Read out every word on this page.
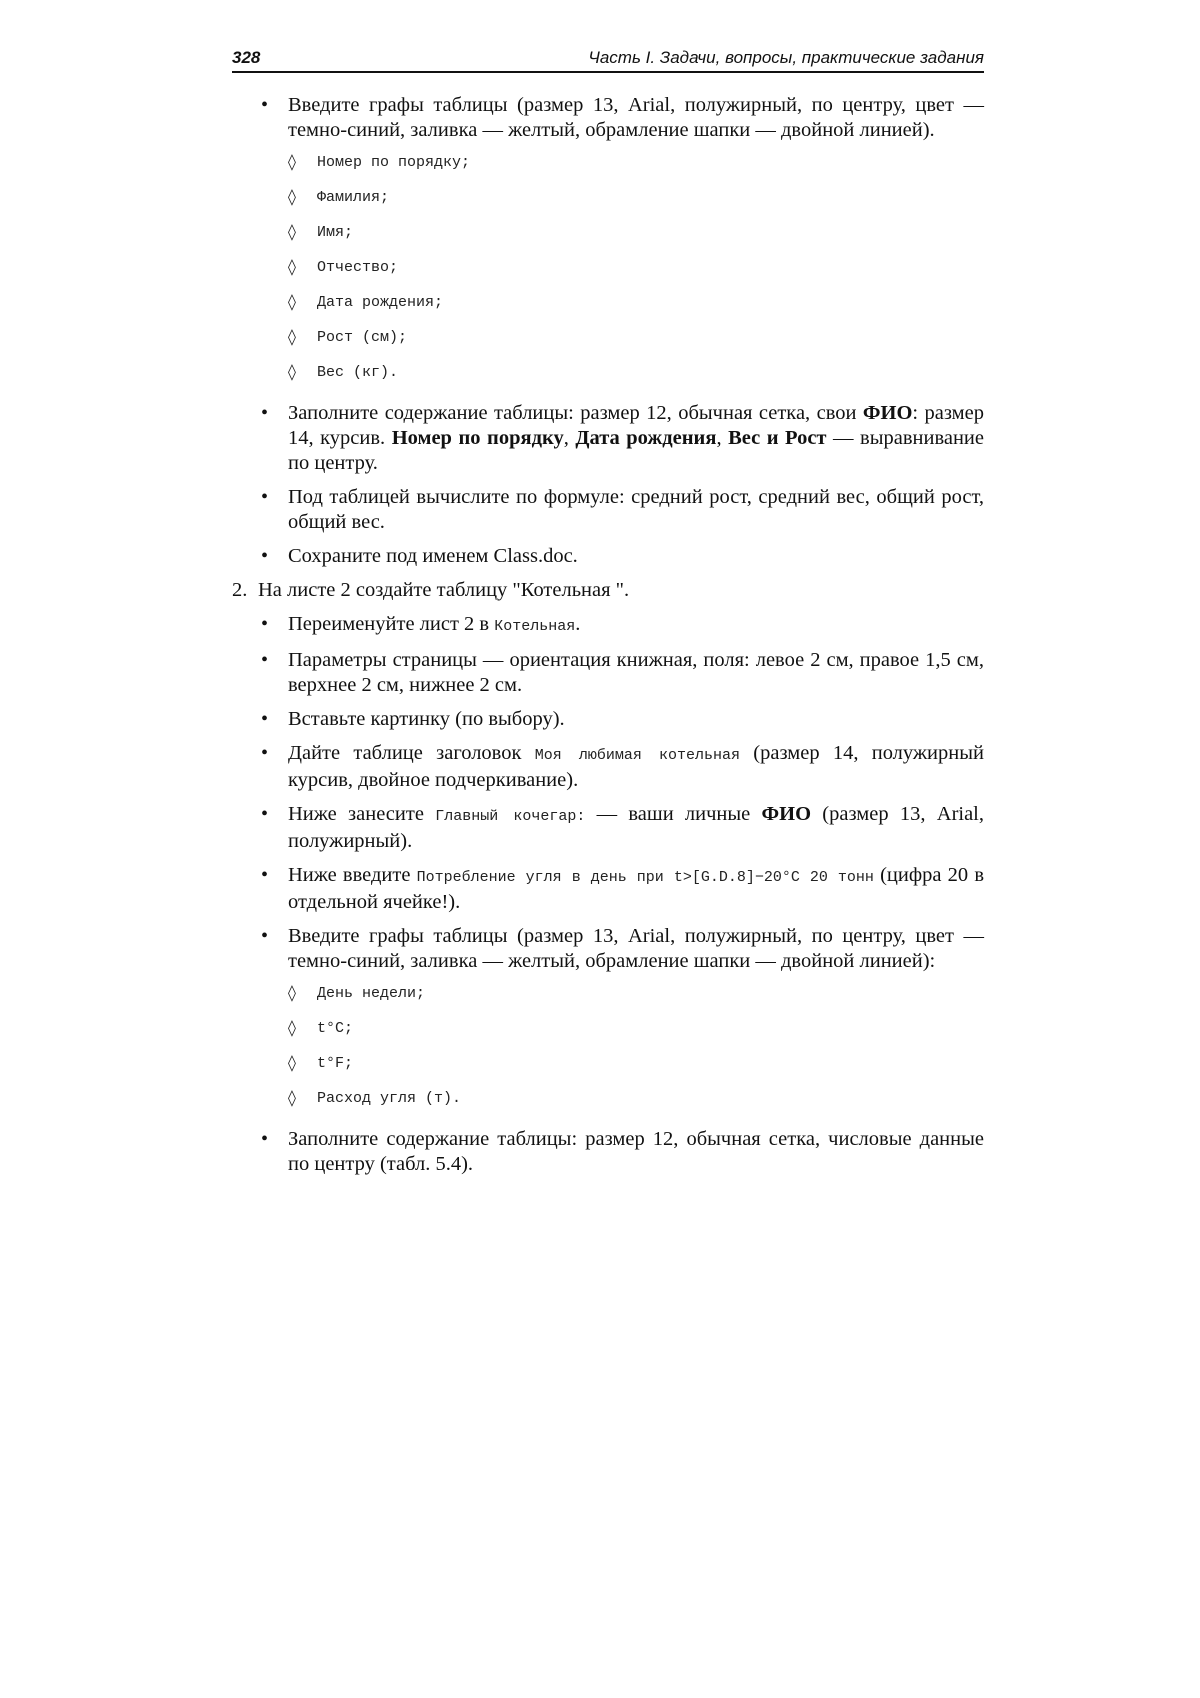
328	Часть I. Задачи, вопросы, практические задания
• Введите графы таблицы (размер 13, Arial, полужирный, по центру, цвет — темно-синий, заливка — желтый, обрамление шапки — двойной линией).
◊ Номер по порядку;
◊ Фамилия;
◊ Имя;
◊ Отчество;
◊ Дата рождения;
◊ Рост (см);
◊ Вес (кг).
• Заполните содержание таблицы: размер 12, обычная сетка, свои ФИО: размер 14, курсив. Номер по порядку, Дата рождения, Вес и Рост — выравнивание по центру.
• Под таблицей вычислите по формуле: средний рост, средний вес, общий рост, общий вес.
• Сохраните под именем Class.doc.
2. На листе 2 создайте таблицу "Котельная ".
• Переименуйте лист 2 в Котельная.
• Параметры страницы — ориентация книжная, поля: левое 2 см, правое 1,5 см, верхнее 2 см, нижнее 2 см.
• Вставьте картинку (по выбору).
• Дайте таблице заголовок Моя любимая котельная (размер 14, полужирный курсив, двойное подчеркивание).
• Ниже занесите Главный кочегар: — ваши личные ФИО (размер 13, Arial, полужирный).
• Ниже введите Потребление угля в день при t>[G.D.8]−20°C 20 тонн (цифра 20 в отдельной ячейке!).
• Введите графы таблицы (размер 13, Arial, полужирный, по центру, цвет — темно-синий, заливка — желтый, обрамление шапки — двойной линией):
◊ День недели;
◊ t°C;
◊ t°F;
◊ Расход угля (т).
• Заполните содержание таблицы: размер 12, обычная сетка, числовые данные по центру (табл. 5.4).
